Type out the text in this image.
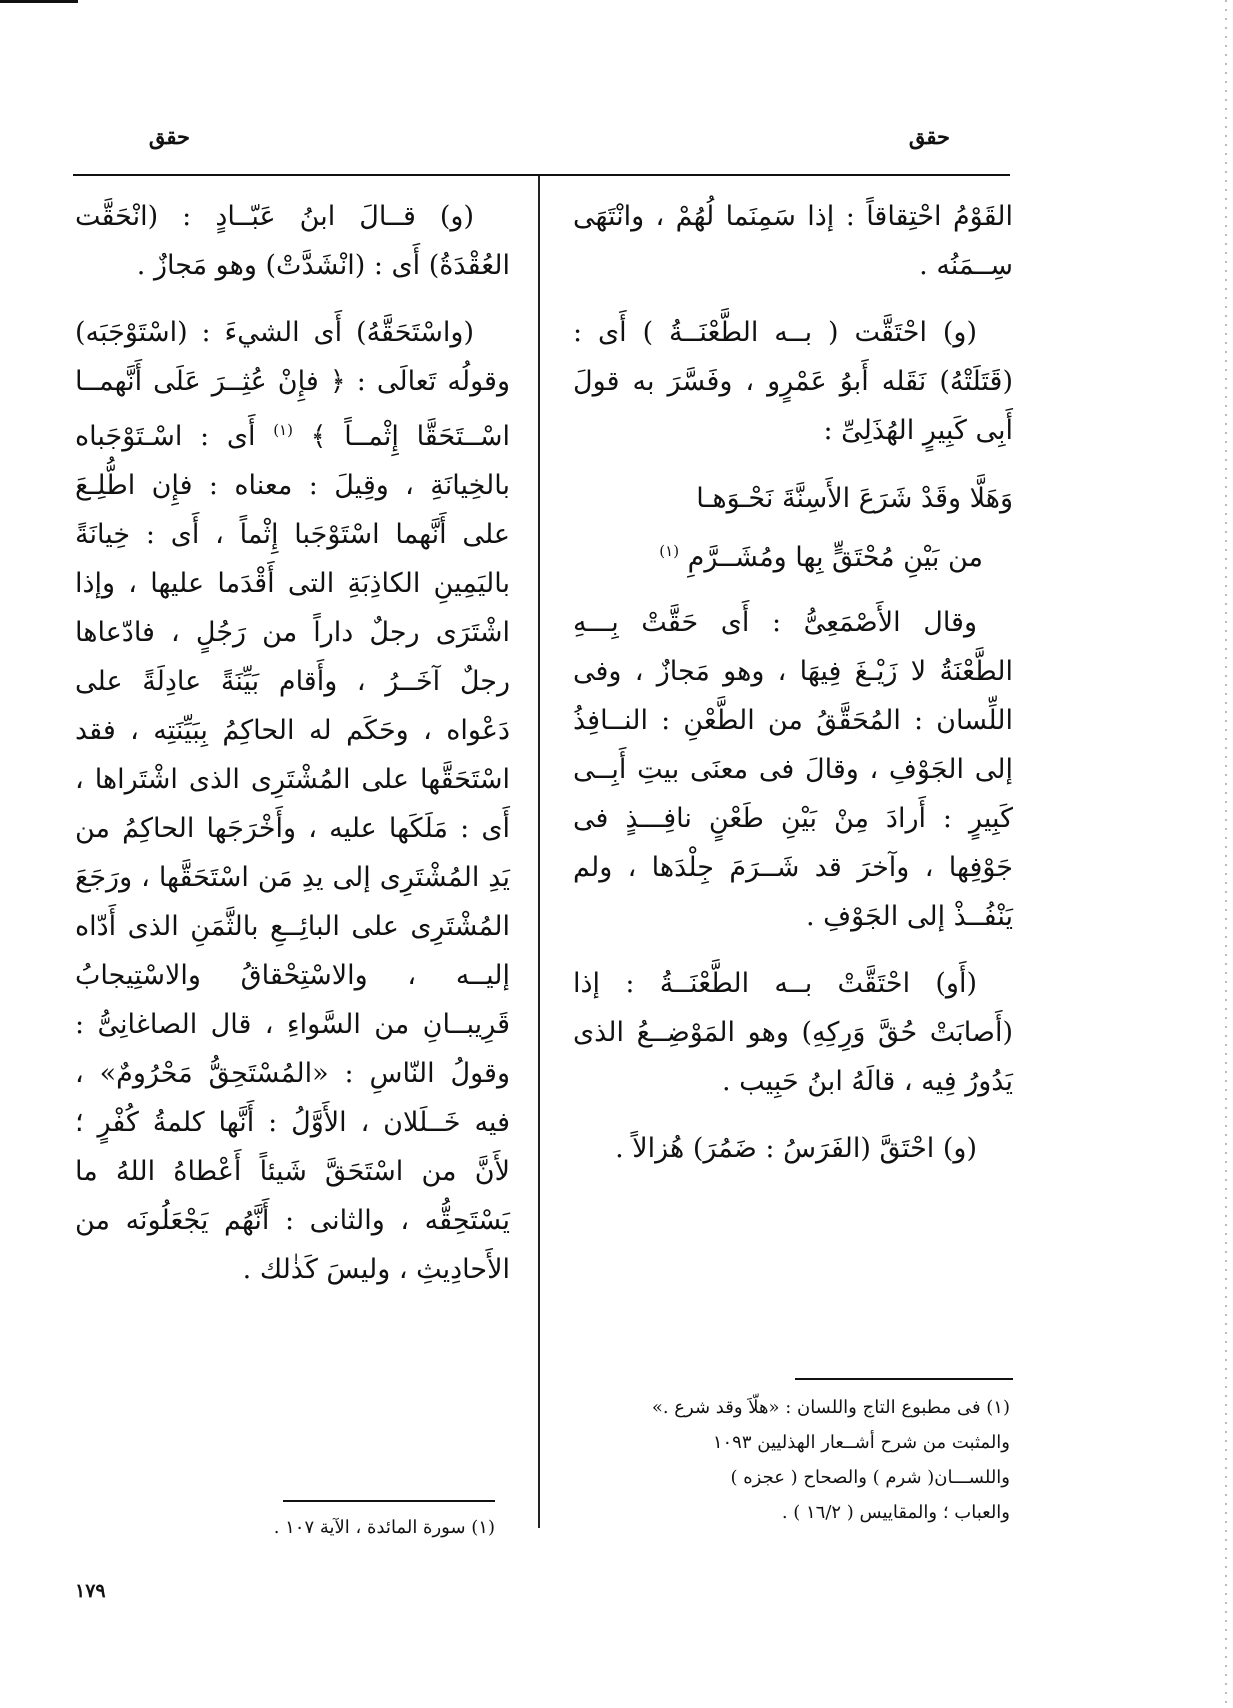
حقق
حقق

القَوْمُ احْتِقاقاً : إذا سَمِنَما لُهُمْ ، وانْتَهَى سِــمَنُه .

(و) احْتَقَّت ( بــه الطَّعْنَــةُ ) أَى : (قَتَلَتْهُ) نَقَله أَبوُ عَمْرٍو ، وفَسَّرَ به قولَ أَبِى كَبِيرٍ الهُذَلِىِّ :

وَهَلَّا وقَدْ شَرَعَ الأَسِنَّةَ نَحْـوَهـا
من بَيْنِ مُحْتَقٍّ بِها ومُشَــرَّمِ $^{(١)}$

وقال الأَصْمَعِىُّ : أَى حَقَّتْ بِـــهِ الطَّعْنَةُ لا زَيْـغَ فِيهَا ، وهو مَجازٌ ، وفى اللِّسان : المُحَقَّقُ من الطَّعْنِ : النــافِذُ إلى الجَوْفِ ، وقالَ فى معنَى بيتِ أَبِــى كَبِيرٍ : أَرادَ مِنْ بَيْنِ طَعْنٍ نافِـــذٍ فى جَوْفِها ، وآخرَ قد شَــرَمَ جِلْدَها ، ولم يَنْفُــذْ إلى الجَوْفِ .

(أَو) احْتَقَّتْ بــه الطَّعْنَــةُ : إذا (أَصابَتْ حُقَّ وَرِكِهِ) وهو المَوْضِــعُ الذى يَدُورُ فِيه ، قالَهُ ابنُ حَبِيب .

(و) احْتَقَّ (الفَرَسُ : ضَمُرَ) هُزالاً .

(و) قــالَ ابنُ عَبّــادٍ : (انْحَقَّت العُقْدَةُ) أَى : (انْشَدَّتْ) وهو مَجازٌ .

(واسْتَحَقَّهُ) أَى الشيءَ : (اسْتَوْجَبَه) وقولُه تَعالَى : ﴿ فإِنْ عُثِــرَ عَلَى أَنَّهمــا اسْــتَحَقَّا إِثْمــاً ﴾ $^{(١)}$ أَى : اسْـتَوْجَباه بالخِيانَةِ ، وقِيلَ : معناه : فإِن اطُّلِـعَ على أَنَّهما اسْتَوْجَبا إِثْماً ، أَى : خِيانَةً باليَمِينِ الكاذِبَةِ التى أَقْدَما عليها ، وإذا اشْتَرَى رجلٌ داراً من رَجُلٍ ، فادّعاها رجلٌ آخَــرُ ، وأَقام بَيِّنَةً عادِلَةً على دَعْواه ، وحَكَم له الحاكِمُ بِبَيِّنَتِه ، فقد اسْتَحَقَّها على المُشْتَرِى الذى اشْتَراها ، أَى : مَلَكَها عليه ، وأَخْرَجَها الحاكِمُ من يَدِ المُشْتَرِى إلى يدِ مَن اسْتَحَقَّها ، ورَجَعَ المُشْتَرِى على البائِــعِ بالثَّمَنِ الذى أَدّاه إليــه ، والاسْتِحْقاقُ والاسْتِيجابُ قَرِيبــانِ من السَّواءِ ، قال الصاغانِىُّ : وقولُ النّاسِ : «المُسْتَحِقُّ مَحْرُومٌ» ، فيه خَــلَلان ، الأَوَّلُ : أَنَّها كلمةُ كُفْرٍ ؛ لأَنَّ من اسْتَحَقَّ شَيئاً أَعْطاهُ اللهُ ما يَسْتَحِقُّه ، والثانى : أَنَّهُم يَجْعَلُونَه من الأَحادِيثِ ، وليسَ كَذٰلك .

(١) فى مطبوع التاج واللسان : «هلّاَ وقد شرع .»
والمثبت من شرح أشــعار الهذليين ١٠٩٣
واللســـان( شرم ) والصحاح ( عجزه )
والعباب ؛ والمقاييس ( ١٦/٢ ) .
(١) سورة المائدة ، الآية ١٠٧ .
١٧٩
